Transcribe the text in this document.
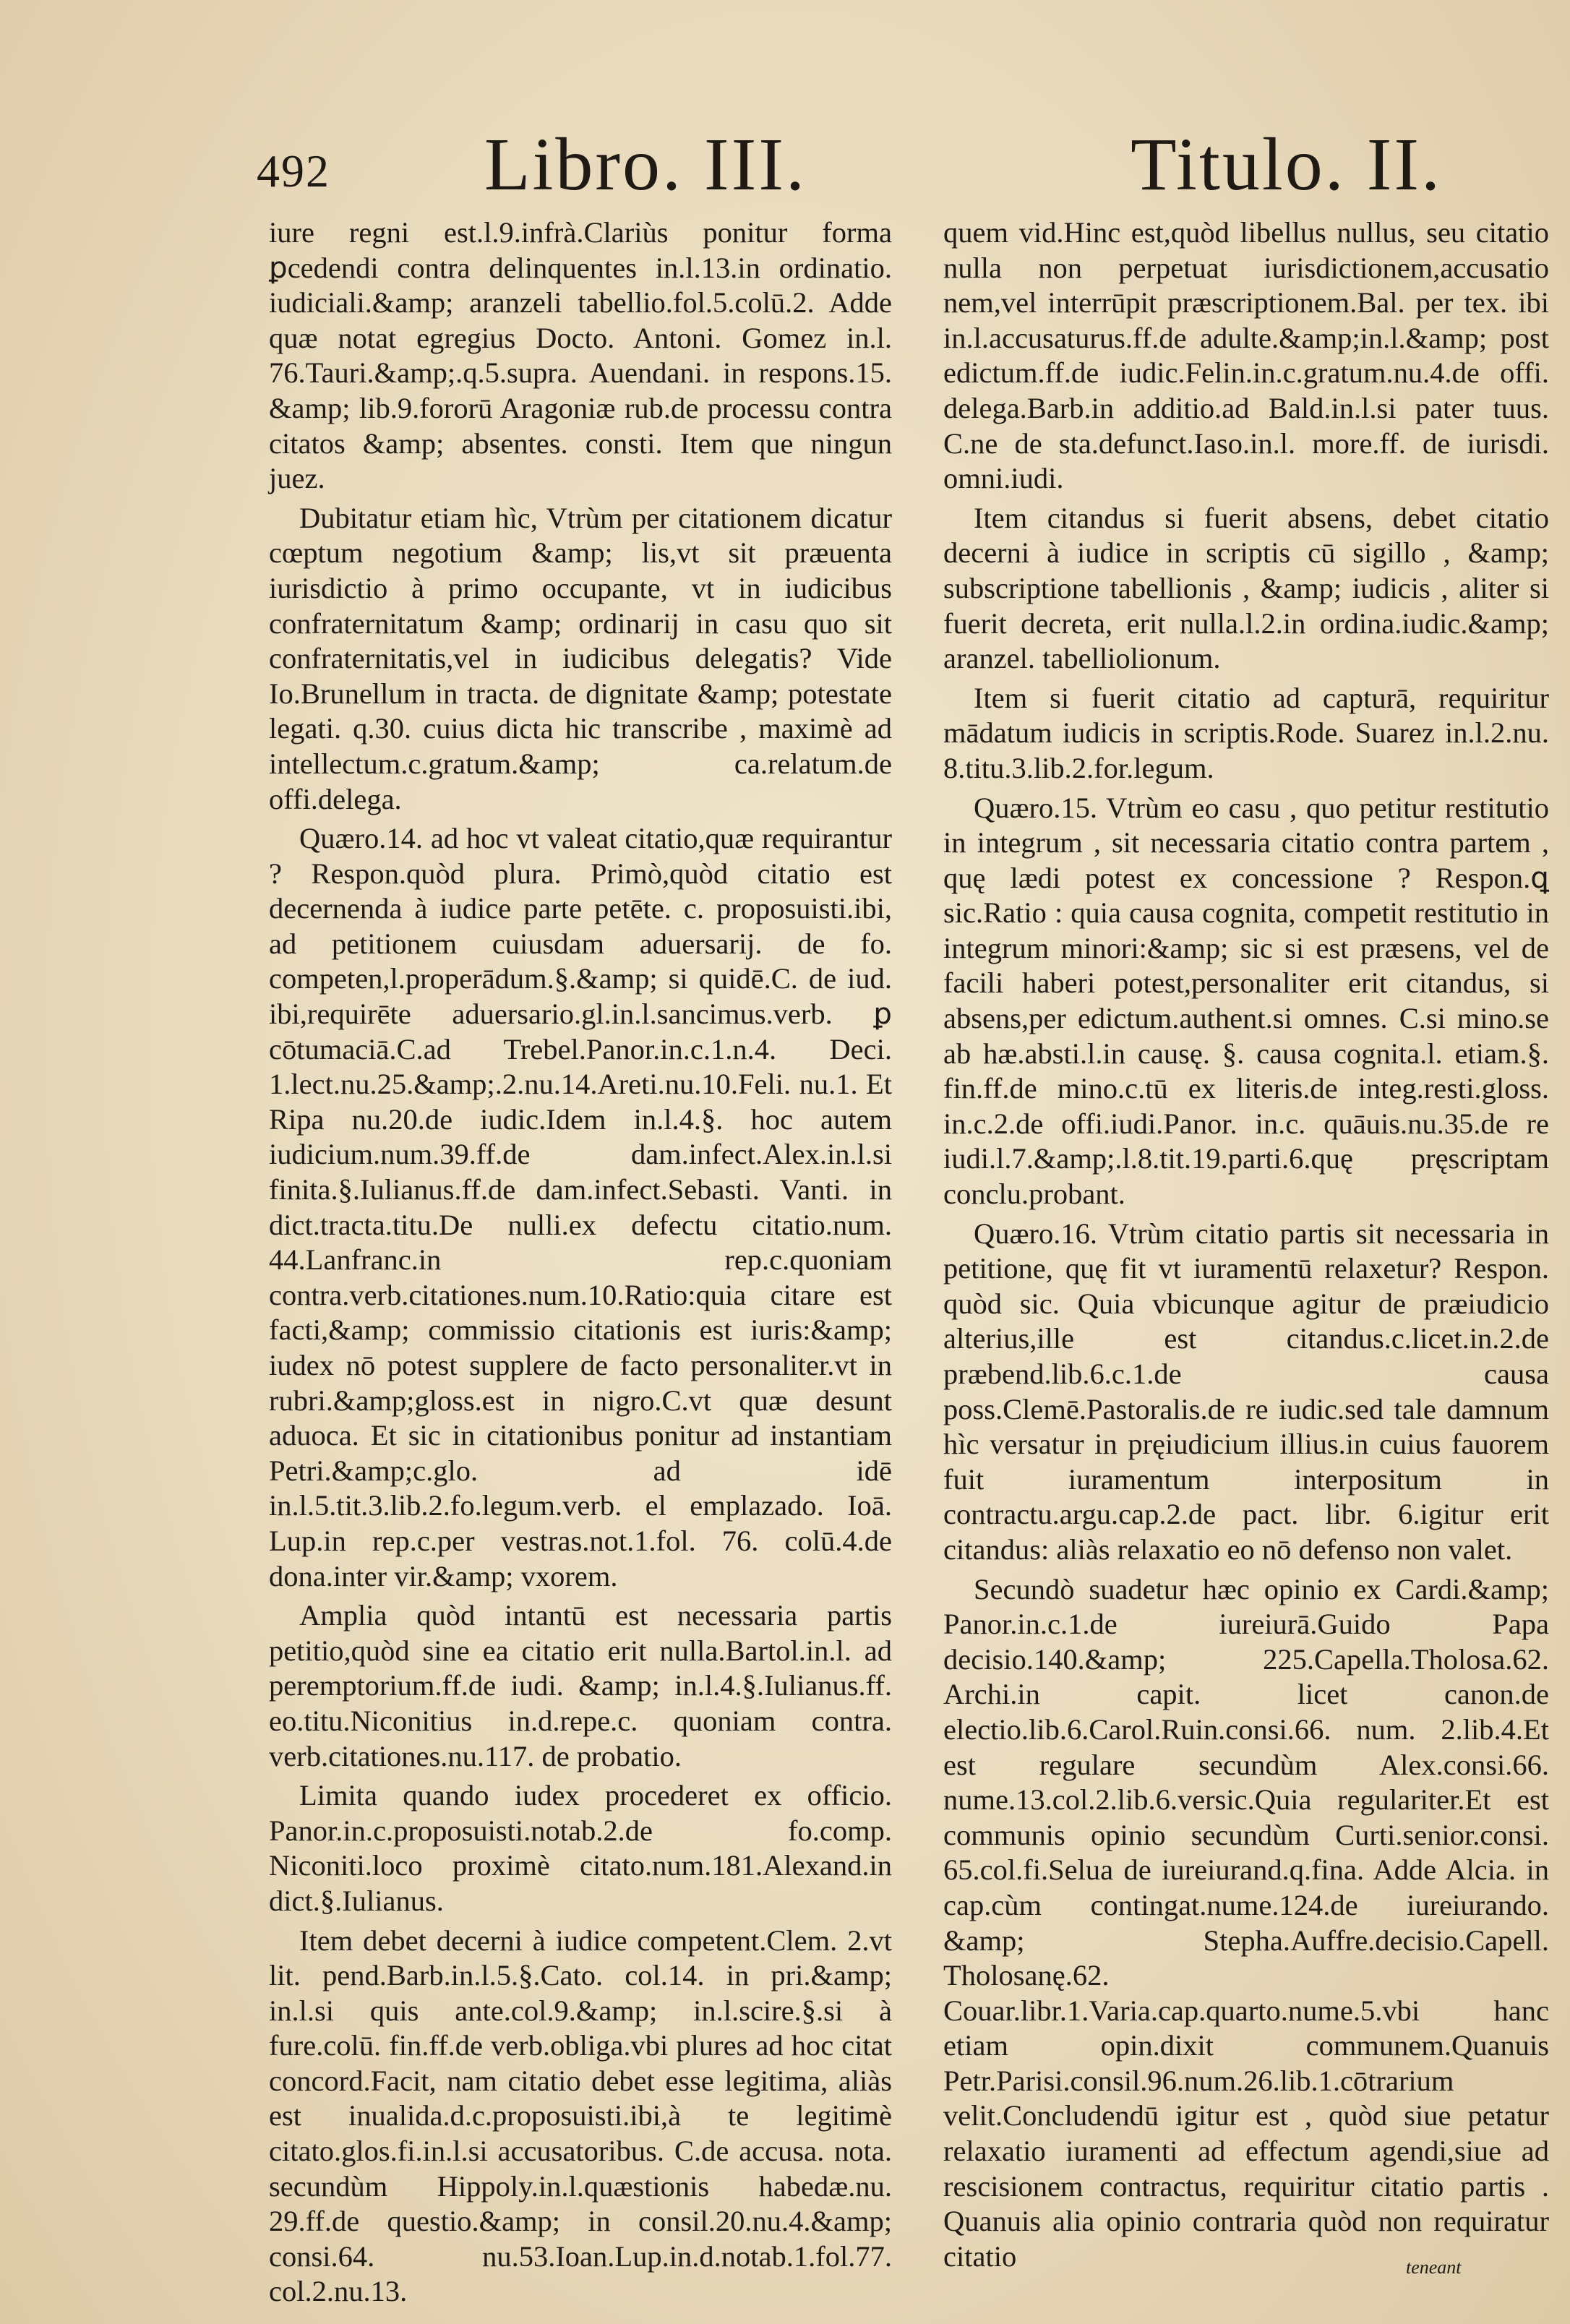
492 Libro. III.	Titulo. II.

iure regni est.l.9.infrà.Clariùs ponitur forma ꝑcedendi contra delinquentes in.l.13.in ordinatio. iudiciali.&amp; aranzeli tabellio.fol.5.colū.2. Adde quæ notat egregius Docto. Antoni. Gomez in.l. 76.Tauri.&amp;.q.5.supra. Auendani. in respons.15. &amp; lib.9.fororū Aragoniæ rub.de processu contra citatos &amp; absentes. consti. Item que ningun juez.

Dubitatur etiam hìc, Vtrùm per citationem dicatur cœptum negotium &amp; lis,vt sit præuenta iurisdictio à primo occupante, vt in iudicibus confraternitatum &amp; ordinarij in casu quo sit confraternitatis,vel in iudicibus delegatis? Vide Io.Brunellum in tracta. de dignitate &amp; potestate legati. q.30. cuius dicta hic transcribe , maximè ad intellectum.c.gratum.&amp; ca.relatum.de offi.delega.

Quæro.14. ad hoc vt valeat citatio,quæ requirantur ? Respon.quòd plura. Primò,quòd citatio est decernenda à iudice parte petēte. c. proposuisti.ibi, ad petitionem cuiusdam aduersarij. de fo. competen,l.properādum.§.&amp; si quidē.C. de iud. ibi,requirēte aduersario.gl.in.l.sancimus.verb. ꝑ cōtumaciā.C.ad Trebel.Panor.in.c.1.n.4. Deci. 1.lect.nu.25.&amp;.2.nu.14.Areti.nu.10.Feli. nu.1. Et Ripa nu.20.de iudic.Idem in.l.4.§. hoc autem iudicium.num.39.ff.de dam.infect.Alex.in.l.si finita.§.Iulianus.ff.de dam.infect.Sebasti. Vanti. in dict.tracta.titu.De nulli.ex defectu citatio.num. 44.Lanfranc.in rep.c.quoniam contra.verb.citationes.num.10.Ratio:quia citare est facti,&amp; commissio citationis est iuris:&amp; iudex nō potest supplere de facto personaliter.vt in rubri.&amp;gloss.est in nigro.C.vt quæ desunt aduoca. Et sic in citationibus ponitur ad instantiam Petri.&amp;c.glo. ad idē in.l.5.tit.3.lib.2.fo.legum.verb. el emplazado. Ioā. Lup.in rep.c.per vestras.not.1.fol. 76. colū.4.de dona.inter vir.&amp; vxorem.

Amplia quòd intantū est necessaria partis petitio,quòd sine ea citatio erit nulla.Bartol.in.l. ad peremptorium.ff.de iudi. &amp; in.l.4.§.Iulianus.ff. eo.titu.Niconitius in.d.repe.c. quoniam contra. verb.citationes.nu.117. de probatio.

Limita quando iudex procederet ex officio. Panor.in.c.proposuisti.notab.2.de fo.comp. Niconiti.loco proximè citato.num.181.Alexand.in dict.§.Iulianus.

Item debet decerni à iudice competent.Clem. 2.vt lit. pend.Barb.in.l.5.§.Cato. col.14. in pri.&amp; in.l.si quis ante.col.9.&amp; in.l.scire.§.si à fure.colū. fin.ff.de verb.obliga.vbi plures ad hoc citat concord.Facit, nam citatio debet esse legitima, aliàs est inualida.d.c.proposuisti.ibi,à te legitimè citato.glos.fi.in.l.si accusatoribus. C.de accusa. nota. secundùm Hippoly.in.l.quæstionis habedæ.nu. 29.ff.de questio.&amp; in consil.20.nu.4.&amp; consi.64. nu.53.Ioan.Lup.in.d.notab.1.fol.77. col.2.nu.13.

quem vid.Hinc est,quòd libellus nullus, seu citatio nulla non perpetuat iurisdictionem,accusatio nem,vel interrūpit præscriptionem.Bal. per tex. ibi in.l.accusaturus.ff.de adulte.&amp;in.l.&amp; post edictum.ff.de iudic.Felin.in.c.gratum.nu.4.de offi. delega.Barb.in additio.ad Bald.in.l.si pater tuus. C.ne de sta.defunct.Iaso.in.l. more.ff. de iurisdi. omni.iudi.

Item citandus si fuerit absens, debet citatio decerni à iudice in scriptis cū sigillo , &amp; subscriptione tabellionis , &amp; iudicis , aliter si fuerit decreta, erit nulla.l.2.in ordina.iudic.&amp; aranzel. tabelliolionum.

Item si fuerit citatio ad capturā, requiritur mādatum iudicis in scriptis.Rode. Suarez in.l.2.nu. 8.titu.3.lib.2.for.legum.

Quæro.15. Vtrùm eo casu , quo petitur restitutio in integrum , sit necessaria citatio contra partem , quę lædi potest ex concessione ? Respon.ꝗ sic.Ratio : quia causa cognita, competit restitutio in integrum minori:&amp; sic si est præsens, vel de facili haberi potest,personaliter erit citandus, si absens,per edictum.authent.si omnes. C.si mino.se ab hæ.absti.l.in causę. §. causa cognita.l. etiam.§. fin.ff.de mino.c.tū ex literis.de integ.resti.gloss. in.c.2.de offi.iudi.Panor. in.c. quāuis.nu.35.de re iudi.l.7.&amp;.l.8.tit.19.parti.6.quę pręscriptam conclu.probant.

Quæro.16. Vtrùm citatio partis sit necessaria in petitione, quę fit vt iuramentū relaxetur? Respon. quòd sic. Quia vbicunque agitur de præiudicio alterius,ille est citandus.c.licet.in.2.de præbend.lib.6.c.1.de causa poss.Clemē.Pastoralis.de re iudic.sed tale damnum hìc versatur in pręiudicium illius.in cuius fauorem fuit iuramentum interpositum in contractu.argu.cap.2.de pact. libr. 6.igitur erit citandus: aliàs relaxatio eo nō defenso non valet.

Secundò suadetur hæc opinio ex Cardi.&amp; Panor.in.c.1.de iureiurā.Guido Papa decisio.140.&amp; 225.Capella.Tholosa.62. Archi.in capit. licet canon.de electio.lib.6.Carol.Ruin.consi.66. num. 2.lib.4.Et est regulare secundùm Alex.consi.66. nume.13.col.2.lib.6.versic.Quia regulariter.Et est communis opinio secundùm Curti.senior.consi. 65.col.fi.Selua de iureiurand.q.fina. Adde Alcia. in cap.cùm contingat.nume.124.de iureiurando. &amp; Stepha.Auffre.decisio.Capell. Tholosanę.62. Couar.libr.1.Varia.cap.quarto.nume.5.vbi hanc etiam opin.dixit communem.Quanuis Petr.Parisi.consil.96.num.26.lib.1.cōtrarium velit.Concludendū igitur est , quòd siue petatur relaxatio iuramenti ad effectum agendi,siue ad rescisionem contractus, requiritur citatio partis . Quanuis alia opinio contraria quòd non requiratur citatio	teneant
